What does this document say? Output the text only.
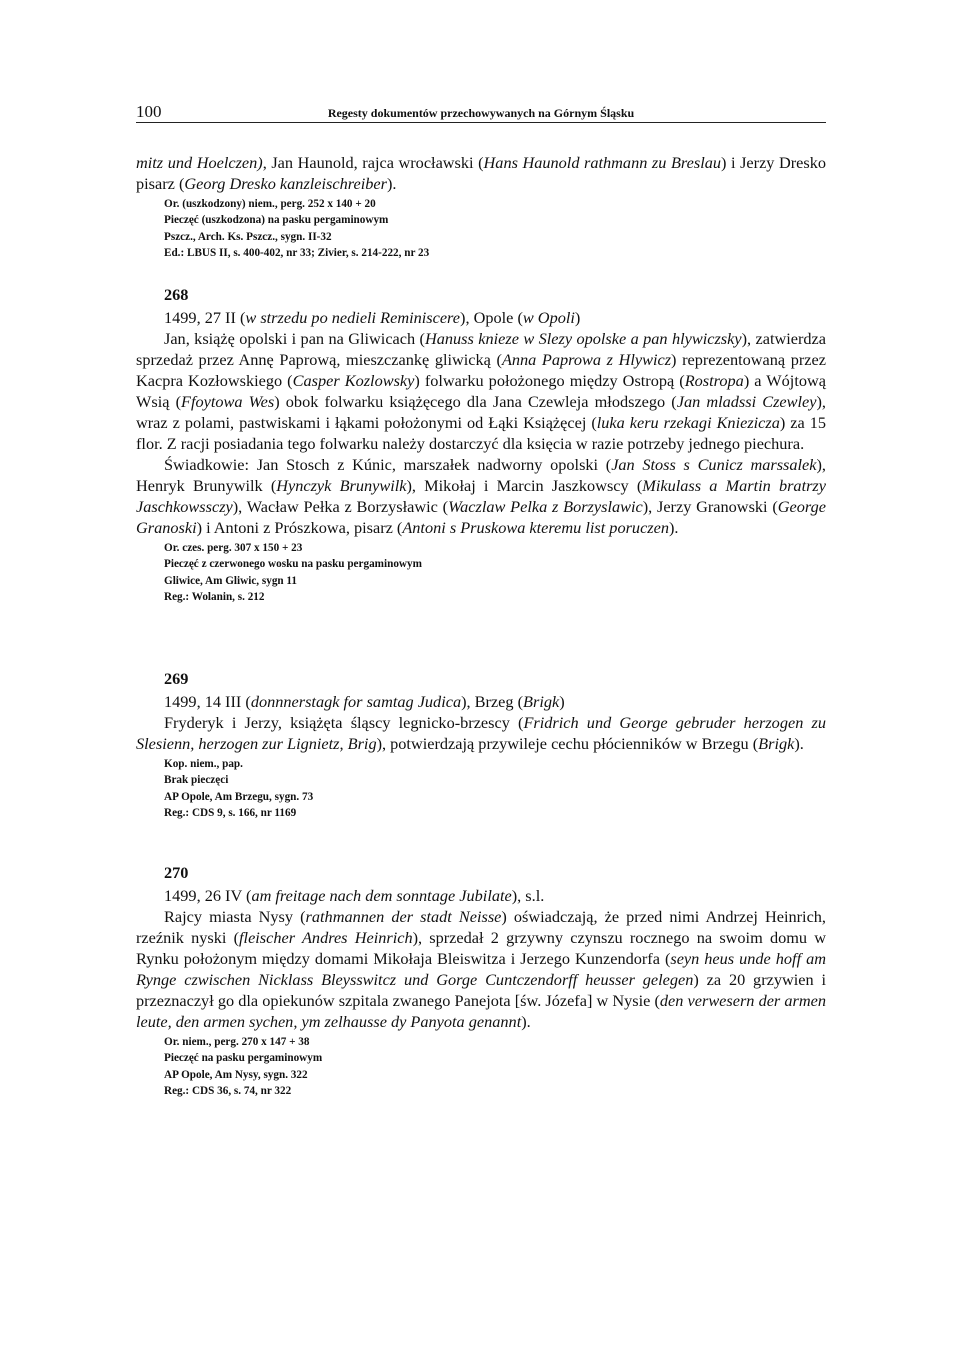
100	Regesty dokumentów przechowywanych na Górnym Śląsku

mitz und Hoelczen), Jan Haunold, rajca wrocławski (Hans Haunold rathmann zu Breslau) i Jerzy Dresko pisarz (Georg Dresko kanzleischreiber).

Or. (uszkodzony) niem., perg. 252 x 140 + 20
Pieczęć (uszkodzona) na pasku pergaminowym
Pszcz., Arch. Ks. Pszcz., sygn. II-32
Ed.: LBUS II, s. 400-402, nr 33; Zivier, s. 214-222, nr 23
268

1499, 27 II (w strzedu po nedieli Reminiscere), Opole (w Opoli)

Jan, książę opolski i pan na Gliwicach (Hanuss knieze w Slezy opolske a pan hlywiczsky), zatwierdza sprzedaż przez Annę Paprową, mieszczankę gliwicką (Anna Paprowa z Hlywicz) reprezentowaną przez Kacpra Kozłowskiego (Casper Kozlowsky) folwarku położonego między Ostropą (Rostropa) a Wójtową Wsią (Ffoytowa Wes) obok folwarku książęcego dla Jana Czewleja młodszego (Jan mladssi Czewley), wraz z polami, pastwiskami i łąkami położonymi od Łąki Książęcej (luka keru rzekagi Kniezicza) za 15 flor. Z racji posiadania tego folwarku należy dostarczyć dla księcia w razie potrzeby jednego piechura.

Świadkowie: Jan Stosch z Kúnic, marszałek nadworny opolski (Jan Stoss s Cunicz marssalek), Henryk Brunywilk (Hynczyk Brunywilk), Mikołaj i Marcin Jaszkowscy (Mikulass a Martin bratrzy Jaschkowssczy), Wacław Pełka z Borzysławic (Waczlaw Pelka z Borzyslawic), Jerzy Granowski (George Granoski) i Antoni z Prószkowa, pisarz (Antoni s Pruskowa kteremu list poruczen).

Or. czes. perg. 307 x 150 + 23
Pieczęć z czerwonego wosku na pasku pergaminowym
Gliwice, Am Gliwic, sygn 11
Reg.: Wolanin, s. 212
269

1499, 14 III (donnnerstagk for samtag Judica), Brzeg (Brigk)

Fryderyk i Jerzy, książęta śląscy legnicko-brzescy (Fridrich und George gebruder herzogen zu Slesienn, herzogen zur Lignietz, Brig), potwierdzają przywileje cechu płócienników w Brzegu (Brigk).

Kop. niem., pap.
Brak pieczęci
AP Opole, Am Brzegu, sygn. 73
Reg.: CDS 9, s. 166, nr 1169
270

1499, 26 IV (am freitage nach dem sonntage Jubilate), s.l.

Rajcy miasta Nysy (rathmannen der stadt Neisse) oświadczają, że przed nimi Andrzej Heinrich, rzeźnik nyski (fleischer Andres Heinrich), sprzedał 2 grzywny czynszu rocznego na swoim domu w Rynku położonym między domami Mikołaja Bleiswitza i Jerzego Kunzendorfa (seyn heus unde hoff am Rynge czwischen Nicklass Bleysswitcz und Gorge Cuntczendorff heusser gelegen) za 20 grzywien i przeznaczył go dla opiekunów szpitala zwanego Panejota [św. Józefa] w Nysie (den verwesern der armen leute, den armen sychen, ym zelhausse dy Panyota genannt).

Or. niem., perg. 270 x 147 + 38
Pieczęć na pasku pergaminowym
AP Opole, Am Nysy, sygn. 322
Reg.: CDS 36, s. 74, nr 322
